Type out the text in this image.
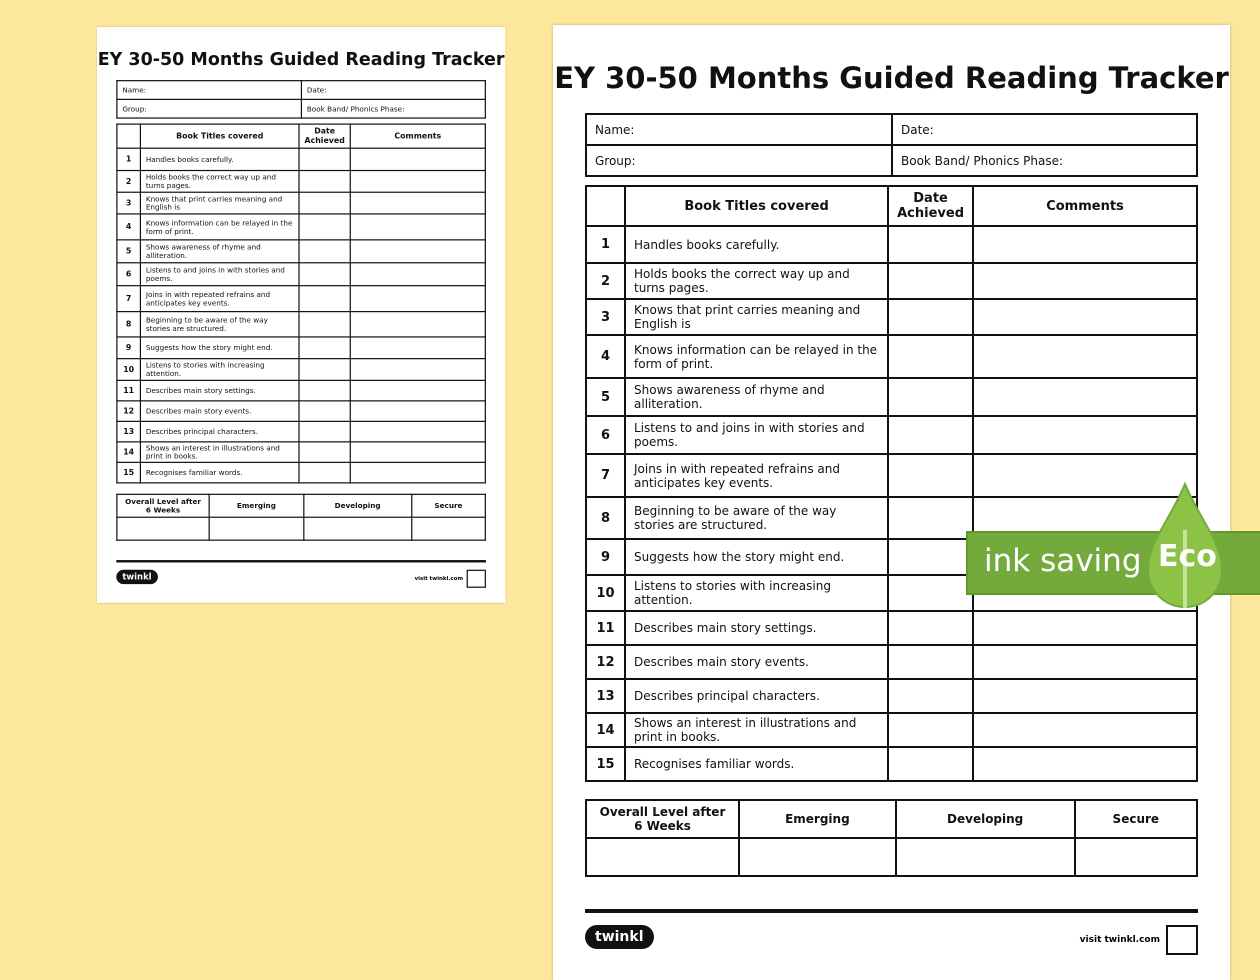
EY 30-50 Months Guided Reading Tracker
Name:	Date:
Group:	Book Band/ Phonics Phase:
	Book Titles covered	Date Achieved	Comments
1	Handles books carefully.		
2	Holds books the correct way up and turns pages.		
3	Knows that print carries meaning and English is		
4	Knows information can be relayed in the form of print.		
5	Shows awareness of rhyme and alliteration.		
6	Listens to and joins in with stories and poems.		
7	Joins in with repeated refrains and anticipates key events.		
8	Beginning to be aware of the way stories are structured.		
9	Suggests how the story might end.		
10	Listens to stories with increasing attention.		
11	Describes main story settings.		
12	Describes main story events.		
13	Describes principal characters.		
14	Shows an interest in illustrations and print in books.		
15	Recognises familiar words.		
Overall Level after 6 Weeks	Emerging	Developing	Secure

twinkl	visit twinkl.com
EY 30-50 Months Guided Reading Tracker
Name:	Date:
Group:	Book Band/ Phonics Phase:
	Book Titles covered	Date Achieved	Comments
1	Handles books carefully.		
2	Holds books the correct way up and turns pages.		
3	Knows that print carries meaning and English is		
4	Knows information can be relayed in the form of print.		
5	Shows awareness of rhyme and alliteration.		
6	Listens to and joins in with stories and poems.		
7	Joins in with repeated refrains and anticipates key events.		
8	Beginning to be aware of the way stories are structured.		
9	Suggests how the story might end.		
10	Listens to stories with increasing attention.		
11	Describes main story settings.		
12	Describes main story events.		
13	Describes principal characters.		
14	Shows an interest in illustrations and print in books.		
15	Recognises familiar words.		
Overall Level after 6 Weeks	Emerging	Developing	Secure

twinkl	visit twinkl.com
ink saving Eco
